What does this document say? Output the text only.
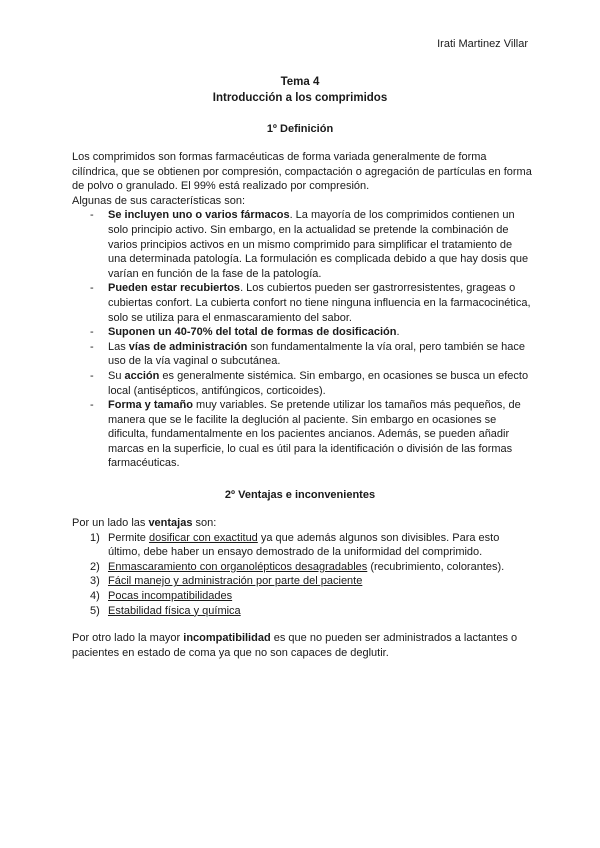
Irati Martinez Villar
Tema 4
Introducción a los comprimidos
1º Definición

Los comprimidos son formas farmacéuticas de forma variada generalmente de forma cilíndrica, que se obtienen por compresión, compactación o agregación de partículas en forma de polvo o granulado. El 99% está realizado por compresión.

Algunas de sus características son:

- Se incluyen uno o varios fármacos. La mayoría de los comprimidos contienen un solo principio activo. Sin embargo, en la actualidad se pretende la combinación de varios principios activos en un mismo comprimido para simplificar el tratamiento de una determinada patología. La formulación es complicada debido a que hay dosis que varían en función de la fase de la patología.
- Pueden estar recubiertos. Los cubiertos pueden ser gastrorresistentes, grageas o cubiertas confort. La cubierta confort no tiene ninguna influencia en la farmacocinética, solo se utiliza para el enmascaramiento del sabor.
- Suponen un 40-70% del total de formas de dosificación.
- Las vías de administración son fundamentalmente la vía oral, pero también se hace uso de la vía vaginal o subcutánea.
- Su acción es generalmente sistémica. Sin embargo, en ocasiones se busca un efecto local (antisépticos, antifúngicos, corticoides).
- Forma y tamaño muy variables. Se pretende utilizar los tamaños más pequeños, de manera que se le facilite la deglución al paciente. Sin embargo en ocasiones se dificulta, fundamentalmente en los pacientes ancianos. Además, se pueden añadir marcas en la superficie, lo cual es útil para la identificación o división de las formas farmacéuticas.
2º Ventajas e inconvenientes

Por un lado las ventajas son:

1) Permite dosificar con exactitud ya que además algunos son divisibles. Para esto último, debe haber un ensayo demostrado de la uniformidad del comprimido.
2) Enmascaramiento con organolépticos desagradables (recubrimiento, colorantes).
3) Fácil manejo y administración por parte del paciente
4) Pocas incompatibilidades
5) Estabilidad física y química

Por otro lado la mayor incompatibilidad es que no pueden ser administrados a lactantes o pacientes en estado de coma ya que no son capaces de deglutir.
